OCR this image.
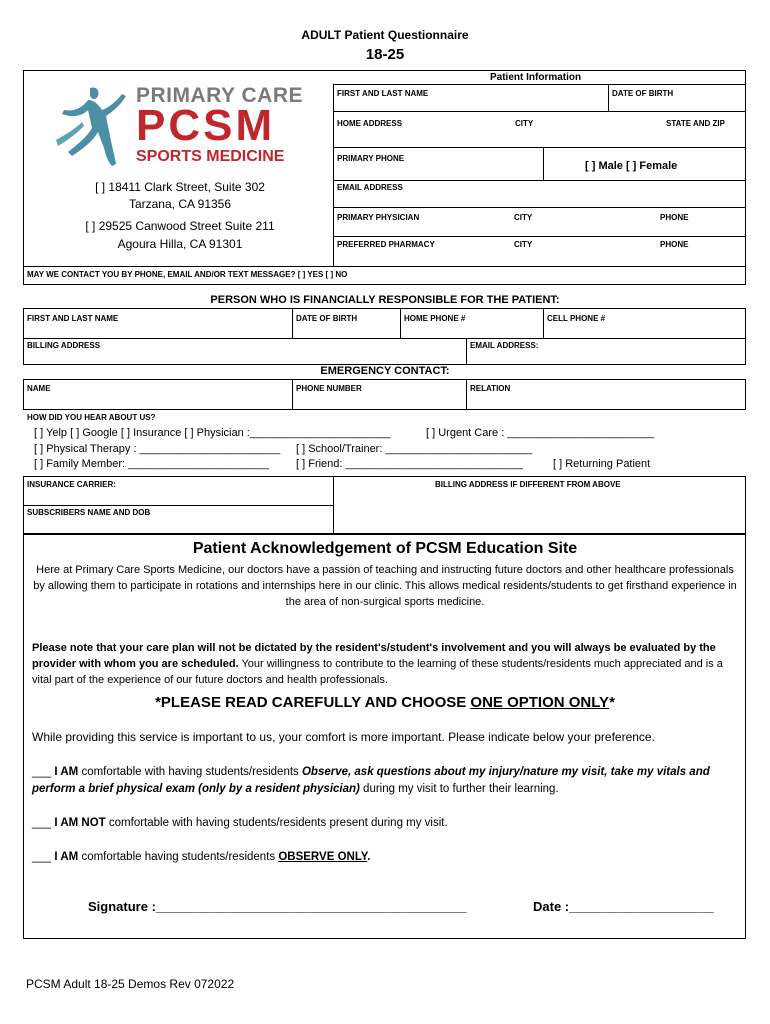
ADULT Patient Questionnaire
18-25
PRIMARY CARE
PCSM
SPORTS MEDICINE
[ ] 18411 Clark Street, Suite 302
Tarzana, CA 91356
[ ] 29525 Canwood Street Suite 211
Agoura Hilla, CA 91301
Patient Information
FIRST AND LAST NAME	DATE OF BIRTH
HOME ADDRESS	CITY	STATE AND ZIP
PRIMARY PHONE
[ ] Male [ ] Female
EMAIL ADDRESS
PRIMARY PHYSICIAN	CITY	PHONE
PREFERRED PHARMACY	CITY	PHONE
MAY WE CONTACT YOU BY PHONE, EMAIL AND/OR TEXT MESSAGE? [ ] YES [ ] NO
PERSON WHO IS FINANCIALLY RESPONSIBLE FOR THE PATIENT:
FIRST AND LAST NAME	DATE OF BIRTH	HOME PHONE #	CELL PHONE #
BILLING ADDRESS	EMAIL ADDRESS:
EMERGENCY CONTACT:
NAME	PHONE NUMBER	RELATION
HOW DID YOU HEAR ABOUT US?
[ ] Yelp [ ] Google [ ] Insurance [ ] Physician :_______________________	[ ] Urgent Care : ________________________
[ ] Physical Therapy : _______________________ [ ] School/Trainer: ________________________
[ ] Family Member: _______________________ [ ] Friend: _____________________________	[ ] Returning Patient
INSURANCE CARRIER:	BILLING ADDRESS IF DIFFERENT FROM ABOVE
SUBSCRIBERS NAME AND DOB
Patient Acknowledgement of PCSM Education Site
Here at Primary Care Sports Medicine, our doctors have a passion of teaching and instructing future doctors and other healthcare professionals by allowing them to participate in rotations and internships here in our clinic. This allows medical residents/students to get firsthand experience in the area of non-surgical sports medicine.
Please note that your care plan will not be dictated by the resident's/student's involvement and you will always be evaluated by the provider with whom you are scheduled. Your willingness to contribute to the learning of these students/residents much appreciated and is a vital part of the experience of our future doctors and health professionals.
*PLEASE READ CAREFULLY AND CHOOSE ONE OPTION ONLY*
While providing this service is important to us, your comfort is more important. Please indicate below your preference.
___ I AM comfortable with having students/residents Observe, ask questions about my injury/nature my visit, take my vitals and perform a brief physical exam (only by a resident physician) during my visit to further their learning.
___ I AM NOT comfortable with having students/residents present during my visit.
___ I AM comfortable having students/residents OBSERVE ONLY.
Signature :___________________________________________	Date :____________________
PCSM Adult 18-25 Demos Rev 072022
